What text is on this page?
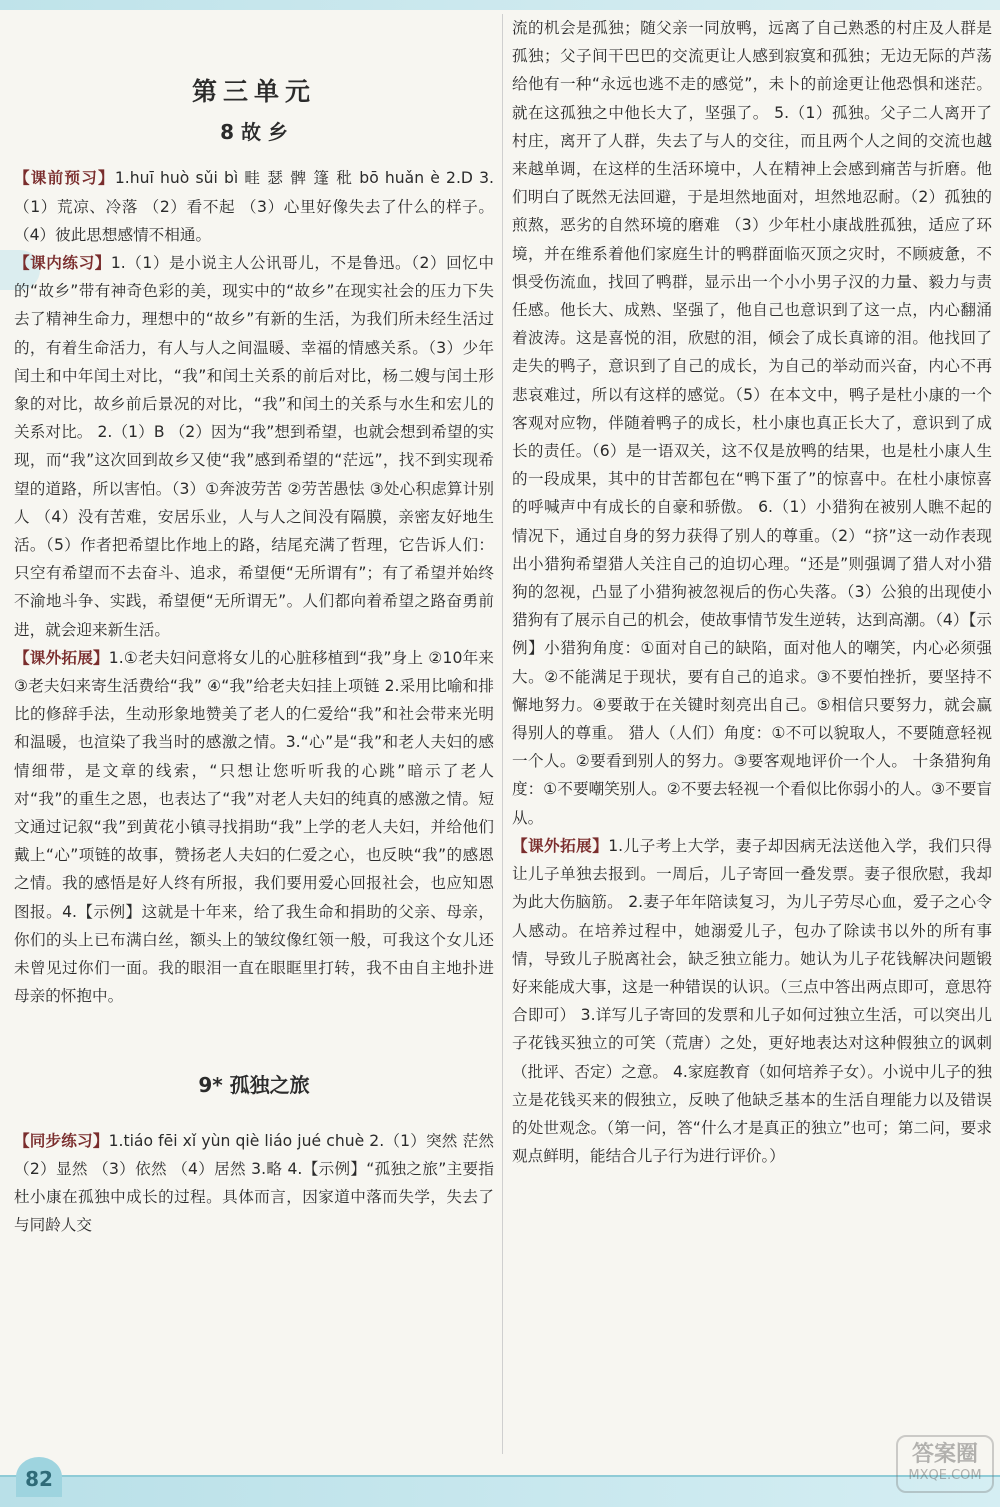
第三单元
8 故 乡

【课前预习】1.huī huò sǔi bì 畦 瑟 髀 篷 秕 bō huǎn è 2.D 3.（1）荒凉、冷落 （2）看不起 （3）心里好像失去了什么的样子。（4）彼此思想感情不相通。

【课内练习】1.（1）是小说主人公讯哥儿，不是鲁迅。（2）回忆中的“故乡”带有神奇色彩的美，现实中的“故乡”在现实社会的压力下失去了精神生命力，理想中的“故乡”有新的生活，为我们所未经生活过的，有着生命活力，有人与人之间温暖、幸福的情感关系。（3）少年闰土和中年闰土对比，“我”和闰土关系的前后对比，杨二嫂与闰土形象的对比，故乡前后景况的对比，“我”和闰土的关系与水生和宏儿的关系对比。 2.（1）B （2）因为“我”想到希望，也就会想到希望的实现，而“我”这次回到故乡又使“我”感到希望的“茫远”，找不到实现希望的道路，所以害怕。（3）①奔波劳苦 ②劳苦愚怯 ③处心积虑算计别人 （4）没有苦难，安居乐业，人与人之间没有隔膜，亲密友好地生活。（5）作者把希望比作地上的路，结尾充满了哲理，它告诉人们：只空有希望而不去奋斗、追求，希望便“无所谓有”；有了希望并始终不渝地斗争、实践，希望便“无所谓无”。人们都向着希望之路奋勇前进，就会迎来新生活。

【课外拓展】1.①老夫妇问意将女儿的心脏移植到“我”身上 ②10年来 ③老夫妇来寄生活费给“我” ④“我”给老夫妇挂上项链 2.采用比喻和排比的修辞手法，生动形象地赞美了老人的仁爱给“我”和社会带来光明和温暖，也渲染了我当时的感激之情。3.“心”是“我”和老人夫妇的感情细带，是文章的线索，“只想让您听听我的心跳”暗示了老人对“我”的重生之恩，也表达了“我”对老人夫妇的纯真的感激之情。短文通过记叙“我”到黄花小镇寻找捐助“我”上学的老人夫妇，并给他们戴上“心”项链的故事，赞扬老人夫妇的仁爱之心，也反映“我”的感恩之情。我的感悟是好人终有所报，我们要用爱心回报社会，也应知恩图报。4.【示例】这就是十年来，给了我生命和捐助的父亲、母亲，你们的头上已布满白丝，额头上的皱纹像红领一般，可我这个女儿还未曾见过你们一面。我的眼泪一直在眼眶里打转，我不由自主地扑进母亲的怀抱中。

9* 孤独之旅

【同步练习】1.tiáo fēi xǐ yùn qiè liáo jué chuè 2.（1）突然 茫然 （2）显然 （3）依然 （4）居然 3.略 4.【示例】“孤独之旅”主要指杜小康在孤独中成长的过程。具体而言，因家道中落而失学，失去了与同龄人交

流的机会是孤独；随父亲一同放鸭，远离了自己熟悉的村庄及人群是孤独；父子间干巴巴的交流更让人感到寂寞和孤独；无边无际的芦荡给他有一种“永远也逃不走的感觉”，未卜的前途更让他恐惧和迷茫。就在这孤独之中他长大了，坚强了。 5.（1）孤独。父子二人离开了村庄，离开了人群，失去了与人的交往，而且两个人之间的交流也越来越单调，在这样的生活环境中，人在精神上会感到痛苦与折磨。他们明白了既然无法回避，于是坦然地面对，坦然地忍耐。（2）孤独的煎熬，恶劣的自然环境的磨难 （3）少年杜小康战胜孤独，适应了环境，并在维系着他们家庭生计的鸭群面临灭顶之灾时，不顾疲惫，不惧受伤流血，找回了鸭群，显示出一个小小男子汉的力量、毅力与责任感。他长大、成熟、坚强了，他自己也意识到了这一点，内心翻涌着波涛。这是喜悦的泪，欣慰的泪，倾会了成长真谛的泪。他找回了走失的鸭子，意识到了自己的成长，为自己的举动而兴奋，内心不再悲哀难过，所以有这样的感觉。（5）在本文中，鸭子是杜小康的一个客观对应物，伴随着鸭子的成长，杜小康也真正长大了，意识到了成长的责任。（6）是一语双关，这不仅是放鸭的结果，也是杜小康人生的一段成果，其中的甘苦都包在“鸭下蛋了”的惊喜中。在杜小康惊喜的呼喊声中有成长的自豪和骄傲。 6.（1）小猎狗在被别人瞧不起的情况下，通过自身的努力获得了别人的尊重。（2）“挤”这一动作表现出小猎狗希望猎人关注自己的迫切心理。“还是”则强调了猎人对小猎狗的忽视，凸显了小猎狗被忽视后的伤心失落。（3）公狼的出现使小猎狗有了展示自己的机会，使故事情节发生逆转，达到高潮。（4）【示例】小猎狗角度：①面对自己的缺陷，面对他人的嘲笑，内心必须强大。②不能满足于现状，要有自己的追求。③不要怕挫折，要坚持不懈地努力。④要敢于在关键时刻亮出自己。⑤相信只要努力，就会赢得别人的尊重。 猎人（人们）角度：①不可以貌取人，不要随意轻视一个人。②要看到别人的努力。③要客观地评价一个人。 十条猎狗角度：①不要嘲笑别人。②不要去轻视一个看似比你弱小的人。③不要盲从。

【课外拓展】1.儿子考上大学，妻子却因病无法送他入学，我们只得让儿子单独去报到。一周后，儿子寄回一叠发票。妻子很欣慰，我却为此大伤脑筋。 2.妻子年年陪读复习，为儿子劳尽心血，爱子之心令人感动。在培养过程中，她溺爱儿子，包办了除读书以外的所有事情，导致儿子脱离社会，缺乏独立能力。她认为儿子花钱解决问题锻好来能成大事，这是一种错误的认识。（三点中答出两点即可，意思符合即可） 3.详写儿子寄回的发票和儿子如何过独立生活，可以突出儿子花钱买独立的可笑（荒唐）之处，更好地表达对这种假独立的讽刺（批评、否定）之意。 4.家庭教育（如何培养子女）。小说中儿子的独立是花钱买来的假独立，反映了他缺乏基本的生活自理能力以及错误的处世观念。（第一问，答“什么才是真正的独立”也可；第二问，要求观点鲜明，能结合儿子行为进行评价。）

82
答案圈
MXQE.COM
